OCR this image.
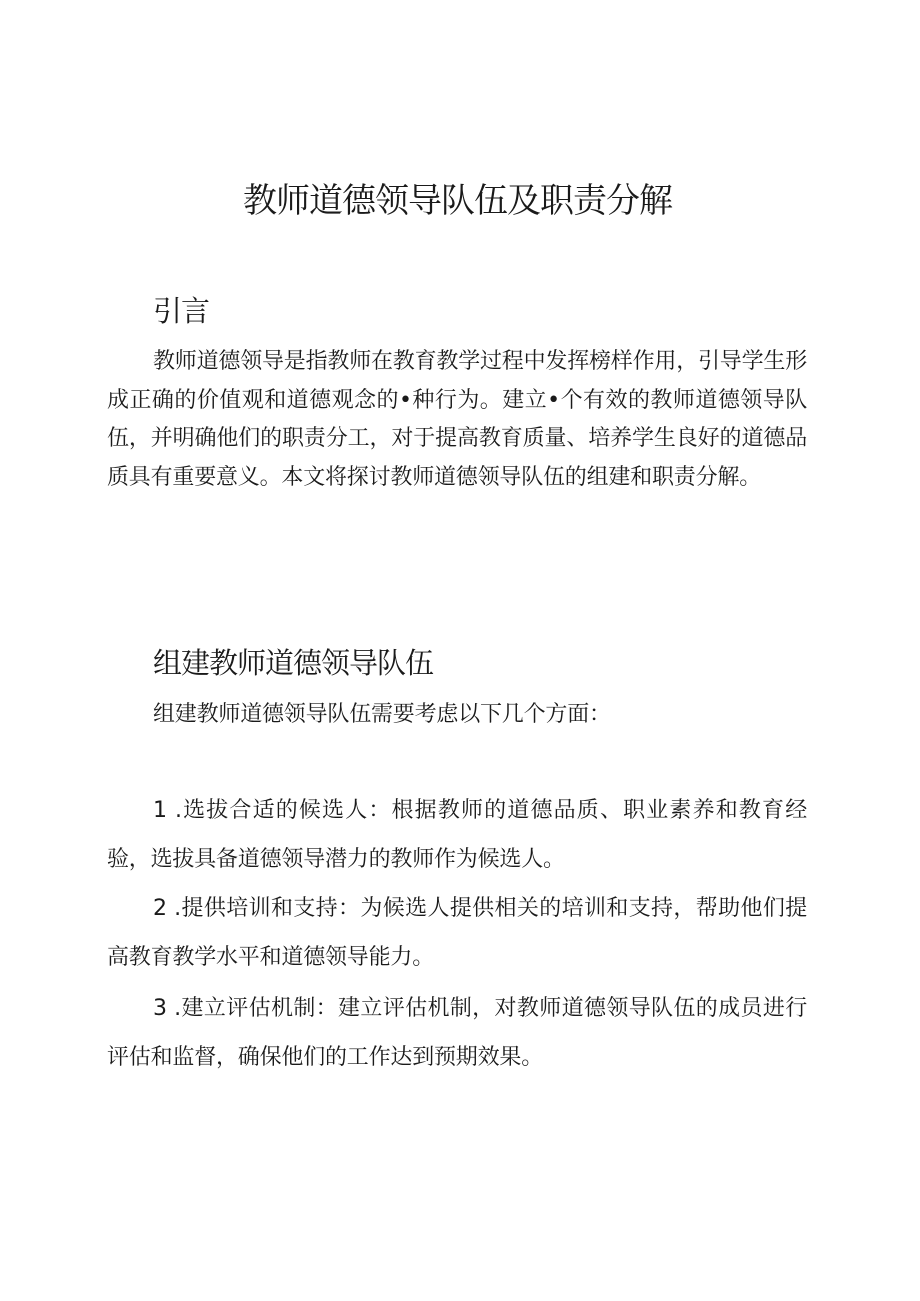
教师道德领导队伍及职责分解
引言

教师道德领导是指教师在教育教学过程中发挥榜样作用，引导学生形成正确的价值观和道德观念的•种行为。建立•个有效的教师道德领导队伍，并明确他们的职责分工，对于提高教育质量、培养学生良好的道德品质具有重要意义。本文将探讨教师道德领导队伍的组建和职责分解。

组建教师道德领导队伍

组建教师道德领导队伍需要考虑以下几个方面：

1 .选拔合适的候选人：根据教师的道德品质、职业素养和教育经验，选拔具备道德领导潜力的教师作为候选人。

2 .提供培训和支持：为候选人提供相关的培训和支持，帮助他们提高教育教学水平和道德领导能力。

3 .建立评估机制：建立评估机制，对教师道德领导队伍的成员进行评估和监督，确保他们的工作达到预期效果。
